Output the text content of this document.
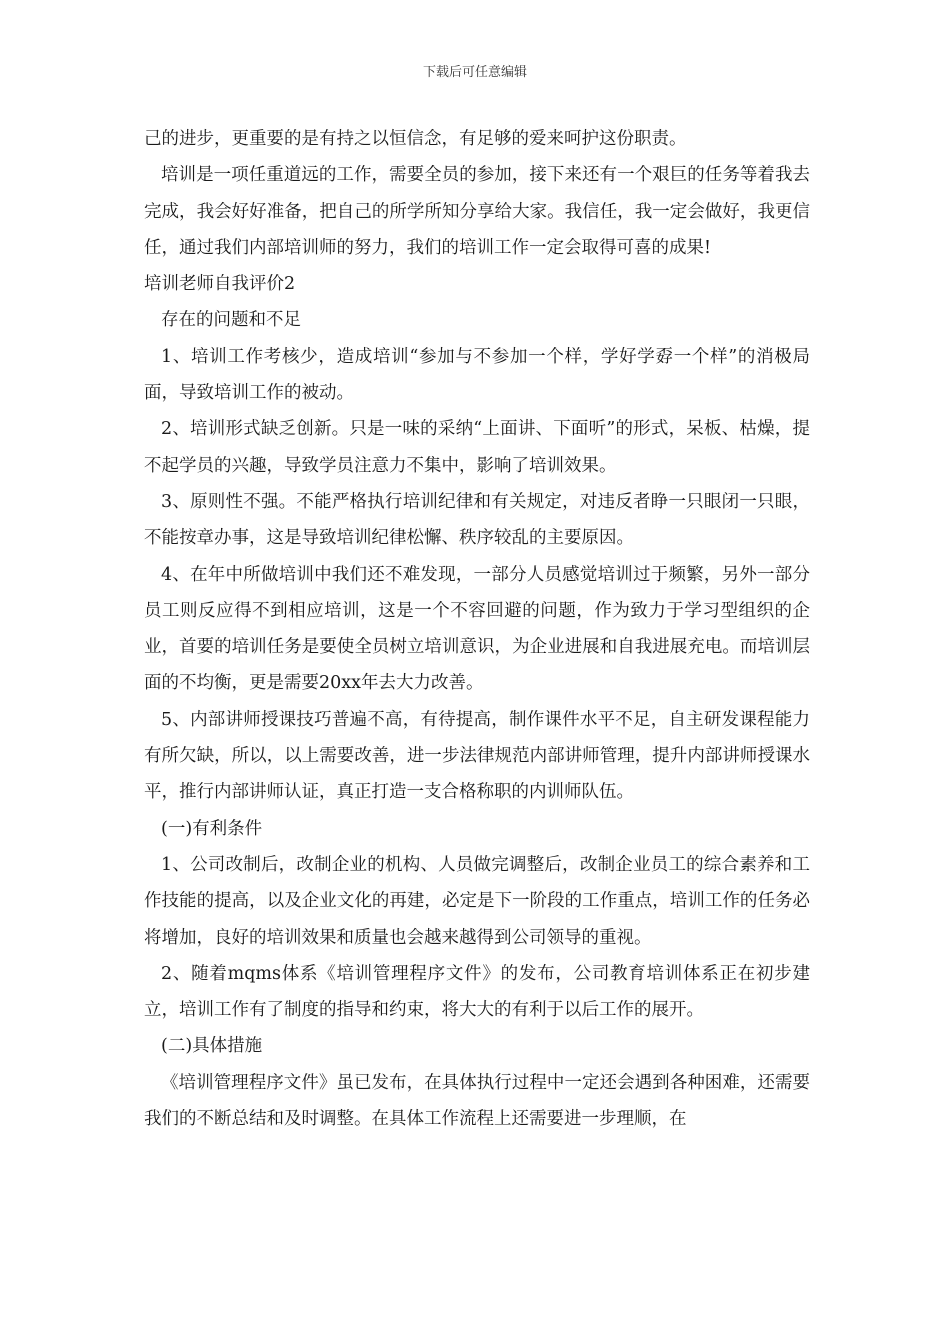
下载后可任意编辑

己的进步，更重要的是有持之以恒信念，有足够的爱来呵护这份职责。

培训是一项任重道远的工作，需要全员的参加，接下来还有一个艰巨的任务等着我去完成，我会好好准备，把自己的所学所知分享给大家。我信任，我一定会做好，我更信任，通过我们内部培训师的努力，我们的培训工作一定会取得可喜的成果!

培训老师自我评价2

存在的问题和不足

1、培训工作考核少，造成培训“参加与不参加一个样，学好学孬一个样”的消极局面，导致培训工作的被动。

2、培训形式缺乏创新。只是一味的采纳“上面讲、下面听”的形式，呆板、枯燥，提不起学员的兴趣，导致学员注意力不集中，影响了培训效果。

3、原则性不强。不能严格执行培训纪律和有关规定，对违反者睁一只眼闭一只眼，不能按章办事，这是导致培训纪律松懈、秩序较乱的主要原因。

4、在年中所做培训中我们还不难发现，一部分人员感觉培训过于频繁，另外一部分员工则反应得不到相应培训，这是一个不容回避的问题，作为致力于学习型组织的企业，首要的培训任务是要使全员树立培训意识，为企业进展和自我进展充电。而培训层面的不均衡，更是需要20xx年去大力改善。

5、内部讲师授课技巧普遍不高，有待提高，制作课件水平不足，自主研发课程能力有所欠缺，所以，以上需要改善，进一步法律规范内部讲师管理，提升内部讲师授课水平，推行内部讲师认证，真正打造一支合格称职的内训师队伍。

(一)有利条件

1、公司改制后，改制企业的机构、人员做完调整后，改制企业员工的综合素养和工作技能的提高，以及企业文化的再建，必定是下一阶段的工作重点，培训工作的任务必将增加，良好的培训效果和质量也会越来越得到公司领导的重视。

2、随着mqms体系《培训管理程序文件》的发布，公司教育培训体系正在初步建立，培训工作有了制度的指导和约束，将大大的有利于以后工作的展开。

(二)具体措施

《培训管理程序文件》虽已发布，在具体执行过程中一定还会遇到各种困难，还需要我们的不断总结和及时调整。在具体工作流程上还需要进一步理顺，在
